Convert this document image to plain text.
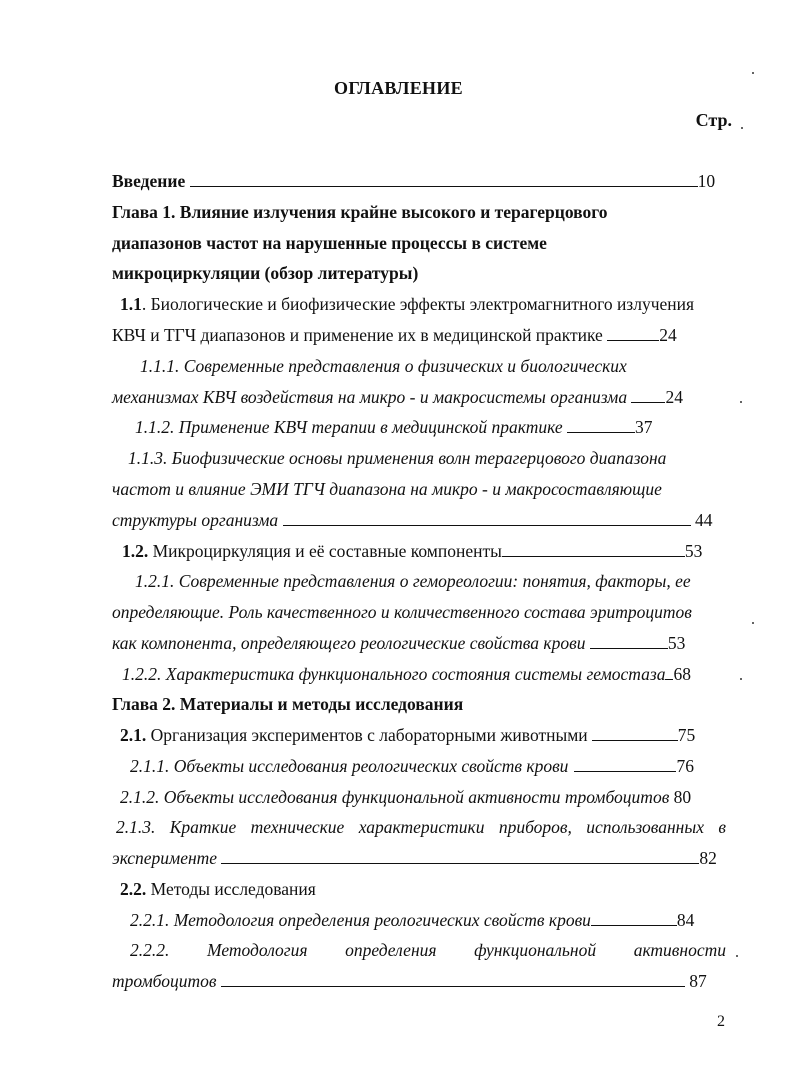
ОГЛАВЛЕНИЕ
Стр.
Введение	10
Глава 1. Влияние излучения крайне высокого и терагерцового
диапазонов частот на нарушенные процессы в системе
микроциркуляции (обзор литературы)
1.1. Биологические и биофизические эффекты электромагнитного излучения
КВЧ и ТГЧ диапазонов и применение их в медицинской практике	24
1.1.1. Современные представления о физических и биологических
механизмах КВЧ воздействия на микро - и макросистемы организма 24
1.1.2. Применение КВЧ терапии в медицинской практике	37
1.1.3. Биофизические основы применения волн терагерцового диапазона
частот и влияние ЭМИ ТГЧ диапазона на микро - и макросоставляющие
структуры организма	44
1.2. Микроциркуляция и её составные компоненты	53
1.2.1. Современные представления о гемореологии: понятия, факторы, ее
определяющие. Роль качественного и количественного состава эритроцитов
как компонента, определяющего реологические свойства крови	53
1.2.2. Характеристика функционального состояния системы гемостаза 68
Глава 2. Материалы и методы исследования
2.1. Организация экспериментов с лабораторными животными	75
2.1.1. Объекты исследования реологических свойств крови	76
2.1.2. Объекты исследования функциональной активности тромбоцитов 80
2.1.3. Краткие технические характеристики приборов, использованных в
эксперименте	82
2.2. Методы исследования
2.2.1. Методология определения реологических свойств крови	84
2.2.2. Методология определения функциональной активности
тромбоцитов	87
2
